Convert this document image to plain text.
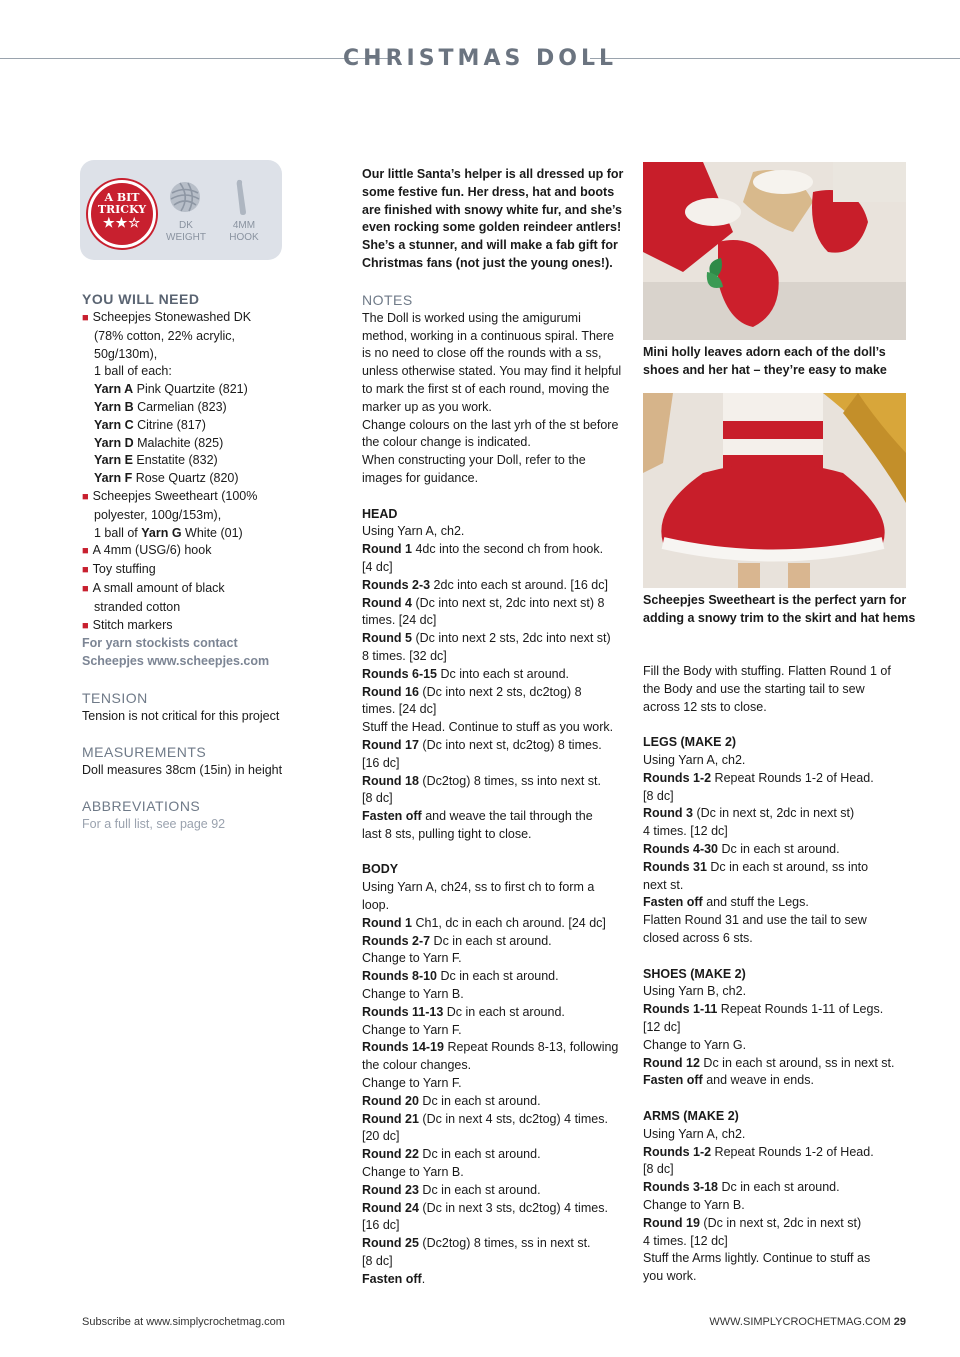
CHRISTMAS DOLL
A BIT
TRICKY
★★☆	DK
WEIGHT
4MM
HOOK

YOU WILL NEED

■ Scheepjes Stonewashed DK

(78% cotton, 22% acrylic,

50g/130m),

1 ball of each:

Yarn A Pink Quartzite (821)

Yarn B Carmelian (823)

Yarn C Citrine (817)

Yarn D Malachite (825)

Yarn E Enstatite (832)

Yarn F Rose Quartz (820)

■ Scheepjes Sweetheart (100%

polyester, 100g/153m),

1 ball of Yarn G White (01)

■ A 4mm (USG/6) hook

■ Toy stuffing

■ A small amount of black

stranded cotton

■ Stitch markers

For yarn stockists contact

Scheepjes www.scheepjes.com

TENSION

Tension is not critical for this project

MEASUREMENTS

Doll measures 38cm (15in) in height

ABBREVIATIONS

For a full list, see page 92

Our little Santa’s helper is all dressed up for

some festive fun. Her dress, hat and boots

are finished with snowy white fur, and she’s

even rocking some golden reindeer antlers!

She’s a stunner, and will make a fab gift for

Christmas fans (not just the young ones!).

NOTES

The Doll is worked using the amigurumi

method, working in a continuous spiral. There

is no need to close off the rounds with a ss,

unless otherwise stated. You may find it helpful

to mark the first st of each round, moving the

marker up as you work.

Change colours on the last yrh of the st before

the colour change is indicated.

When constructing your Doll, refer to the

images for guidance.

HEAD

Using Yarn A, ch2.

Round 1 4dc into the second ch from hook.

[4 dc]

Rounds 2-3 2dc into each st around. [16 dc]

Round 4 (Dc into next st, 2dc into next st) 8

times. [24 dc]

Round 5 (Dc into next 2 sts, 2dc into next st)

8 times. [32 dc]

Rounds 6-15 Dc into each st around.

Round 16 (Dc into next 2 sts, dc2tog) 8

times. [24 dc]

Stuff the Head. Continue to stuff as you work.

Round 17 (Dc into next st, dc2tog) 8 times.

[16 dc]

Round 18 (Dc2tog) 8 times, ss into next st.

[8 dc]

Fasten off and weave the tail through the

last 8 sts, pulling tight to close.

BODY

Using Yarn A, ch24, ss to first ch to form a

loop.

Round 1 Ch1, dc in each ch around. [24 dc]

Rounds 2-7 Dc in each st around.

Change to Yarn F.

Rounds 8-10 Dc in each st around.

Change to Yarn B.

Rounds 11-13 Dc in each st around.

Change to Yarn F.

Rounds 14-19 Repeat Rounds 8-13, following

the colour changes.

Change to Yarn F.

Round 20 Dc in each st around.

Round 21 (Dc in next 4 sts, dc2tog) 4 times.

[20 dc]

Round 22 Dc in each st around.

Change to Yarn B.

Round 23 Dc in each st around.

Round 24 (Dc in next 3 sts, dc2tog) 4 times.

[16 dc]

Round 25 (Dc2tog) 8 times, ss in next st.

[8 dc]

Fasten off.

Mini holly leaves adorn each of the doll’s

shoes and her hat – they’re easy to make

Scheepjes Sweetheart is the perfect yarn for

adding a snowy trim to the skirt and hat hems

Fill the Body with stuffing. Flatten Round 1 of

the Body and use the starting tail to sew

across 12 sts to close.

LEGS (MAKE 2)

Using Yarn A, ch2.

Rounds 1-2 Repeat Rounds 1-2 of Head.

[8 dc]

Round 3 (Dc in next st, 2dc in next st)

4 times. [12 dc]

Rounds 4-30 Dc in each st around.

Rounds 31 Dc in each st around, ss into

next st.

Fasten off and stuff the Legs.

Flatten Round 31 and use the tail to sew

closed across 6 sts.

SHOES (MAKE 2)

Using Yarn B, ch2.

Rounds 1-11 Repeat Rounds 1-11 of Legs.

[12 dc]

Change to Yarn G.

Round 12 Dc in each st around, ss in next st.

Fasten off and weave in ends.

ARMS (MAKE 2)

Using Yarn A, ch2.

Rounds 1-2 Repeat Rounds 1-2 of Head.

[8 dc]

Rounds 3-18 Dc in each st around.

Change to Yarn B.

Round 19 (Dc in next st, 2dc in next st)

4 times. [12 dc]

Stuff the Arms lightly. Continue to stuff as

you work.

Subscribe at www.simplycrochetmag.com	WWW.SIMPLYCROCHETMAG.COM 29
